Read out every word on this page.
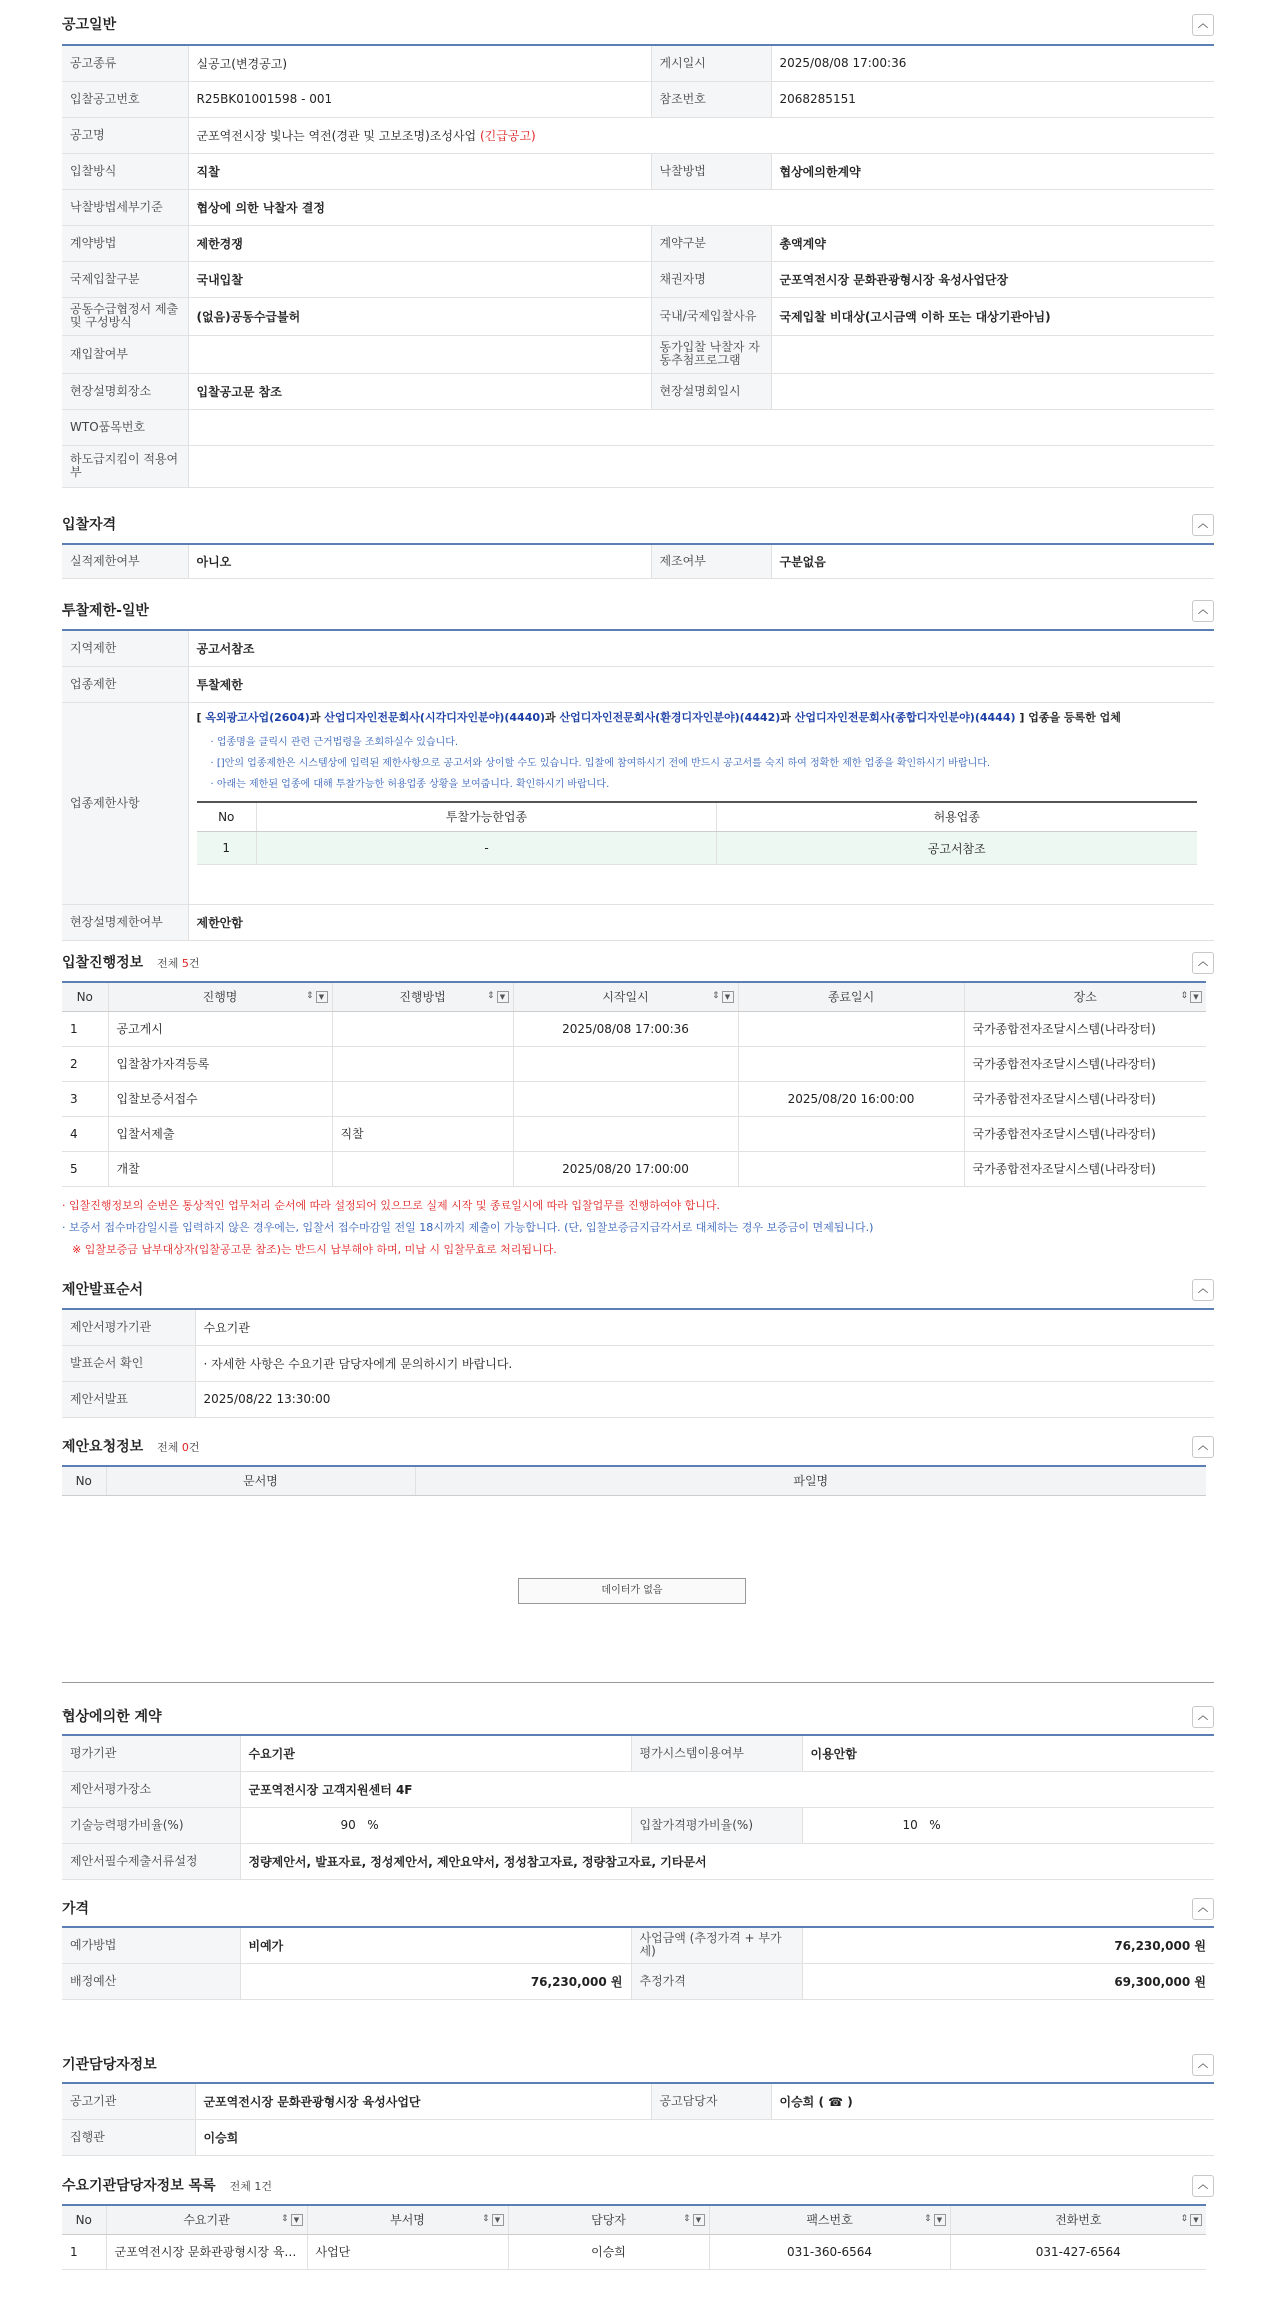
공고일반	︿
공고종류	실공고(변경공고)	게시일시	2025/08/08 17:00:36
입찰공고번호	R25BK01001598 - 001	참조번호	2068285151
공고명	군포역전시장 빛나는 역전(경관 및 고보조명)조성사업 (긴급공고)		
입찰방식	직찰	낙찰방법	협상에의한계약
낙찰방법세부기준	협상에 의한 낙찰자 결정		
계약방법	제한경쟁	계약구분	총액계약
국제입찰구분	국내입찰	채권자명	군포역전시장 문화관광형시장 육성사업단장
공동수급협정서 제출 및 구성방식	(없음)공동수급불허	국내/국제입찰사유	국제입찰 비대상(고시금액 이하 또는 대상기관아님)
재입찰여부		동가입찰 낙찰자 자동추첨프로그램	
현장설명회장소	입찰공고문 참조	현장설명회일시	
WTO품목번호			
하도급지킴이 적용여부			
입찰자격	︿
실적제한여부	아니오	제조여부	구분없음
투찰제한-일반	︿
지역제한	공고서참조
업종제한	투찰제한
업종제한사항	
[ 옥외광고사업(2604)과 산업디자인전문회사(시각디자인분야)(4440)과 산업디자인전문회사(환경디자인분야)(4442)과 산업디자인전문회사(종합디자인분야)(4444) ] 업종을 등록한 업체
· 업종명을 클릭시 관련 근거법령을 조회하실수 있습니다.
· []안의 업종제한은 시스템상에 입력된 제한사항으로 공고서와 상이할 수도 있습니다. 입찰에 참여하시기 전에 반드시 공고서를 숙지 하여 정확한 제한 업종을 확인하시기 바랍니다.
· 아래는 제한된 업종에 대해 투찰가능한 허용업종 상황을 보여줍니다. 확인하시기 바랍니다.
No	투찰가능한업종	허용업종
1	-	공고서참조

현장설명제한여부	제한안함
입찰진행정보 전체 5건	︿
No	진행명 ⇕ ▼	진행방법 ⇕ ▼	시작일시 ⇕ ▼	종료일시	장소 ⇕ ▼

1	공고게시		2025/08/08 17:00:36		국가종합전자조달시스템(나라장터)
2	입찰참가자격등록				국가종합전자조달시스템(나라장터)
3	입찰보증서접수			2025/08/20 16:00:00	국가종합전자조달시스템(나라장터)
4	입찰서제출	직찰			국가종합전자조달시스템(나라장터)
5	개찰		2025/08/20 17:00:00		국가종합전자조달시스템(나라장터)
· 입찰진행정보의 순번은 통상적인 업무처리 순서에 따라 설정되어 있으므로 실제 시작 및 종료일시에 따라 입찰업무를 진행하여야 합니다.
· 보증서 접수마감일시를 입력하지 않은 경우에는, 입찰서 접수마감일 전일 18시까지 제출이 가능합니다. (단, 입찰보증금지급각서로 대체하는 경우 보증금이 면제됩니다.)
※ 입찰보증금 납부대상자(입찰공고문 참조)는 반드시 납부해야 하며, 미납 시 입찰무효로 처리됩니다.
제안발표순서	︿
제안서평가기관	수요기관
발표순서 확인	· 자세한 사항은 수요기관 담당자에게 문의하시기 바랍니다.
제안서발표	2025/08/22 13:30:00
제안요청정보 전체 0건	︿
No	문서명	파일명
데이터가 없음
협상에의한 계약	︿
평가기관	수요기관	평가시스템이용여부	이용안함
제안서평가장소	군포역전시장 고객지원센터 4F		
기술능력평가비율(%)	90 %	입찰가격평가비율(%)	10 %
제안서필수제출서류설정	정량제안서, 발표자료, 정성제안서, 제안요약서, 정성참고자료, 정량참고자료, 기타문서		
가격	︿
예가방법	비예가	사업금액 (추정가격 + 부가세)	76,230,000 원
배정예산	76,230,000 원	추정가격	69,300,000 원
기관담당자정보	︿
공고기관	군포역전시장 문화관광형시장 육성사업단	공고담당자	이승희 ( ☎ )
집행관	이승희		
수요기관담당자정보 목록 전체 1건	︿
No	수요기관 ⇕ ▼	부서명 ⇕ ▼	담당자 ⇕ ▼	팩스번호 ⇕ ▼	전화번호 ⇕ ▼

1	군포역전시장 문화관광형시장 육…	사업단	이승희	031-360-6564	031-427-6564
